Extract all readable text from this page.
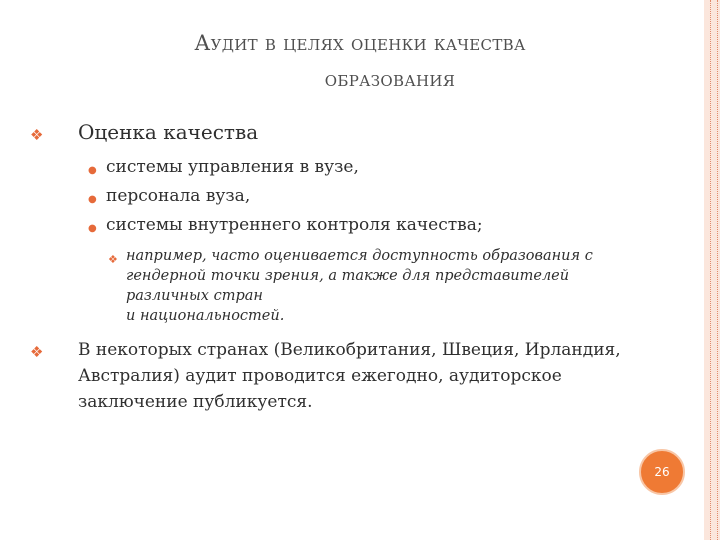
Аудит в целях оценки качества
образования
❖ Оценка качества
● системы управления в вузе,
● персонала вуза,
● системы внутреннего контроля качества;
❖ например, часто оценивается доступность образования с
гендерной точки зрения, а также для представителей
различных стран
и национальностей.
❖ В некоторых странах (Великобритания, Швеция, Ирландия,
Австралия) аудит проводится ежегодно, аудиторское
заключение публикуется.
26
